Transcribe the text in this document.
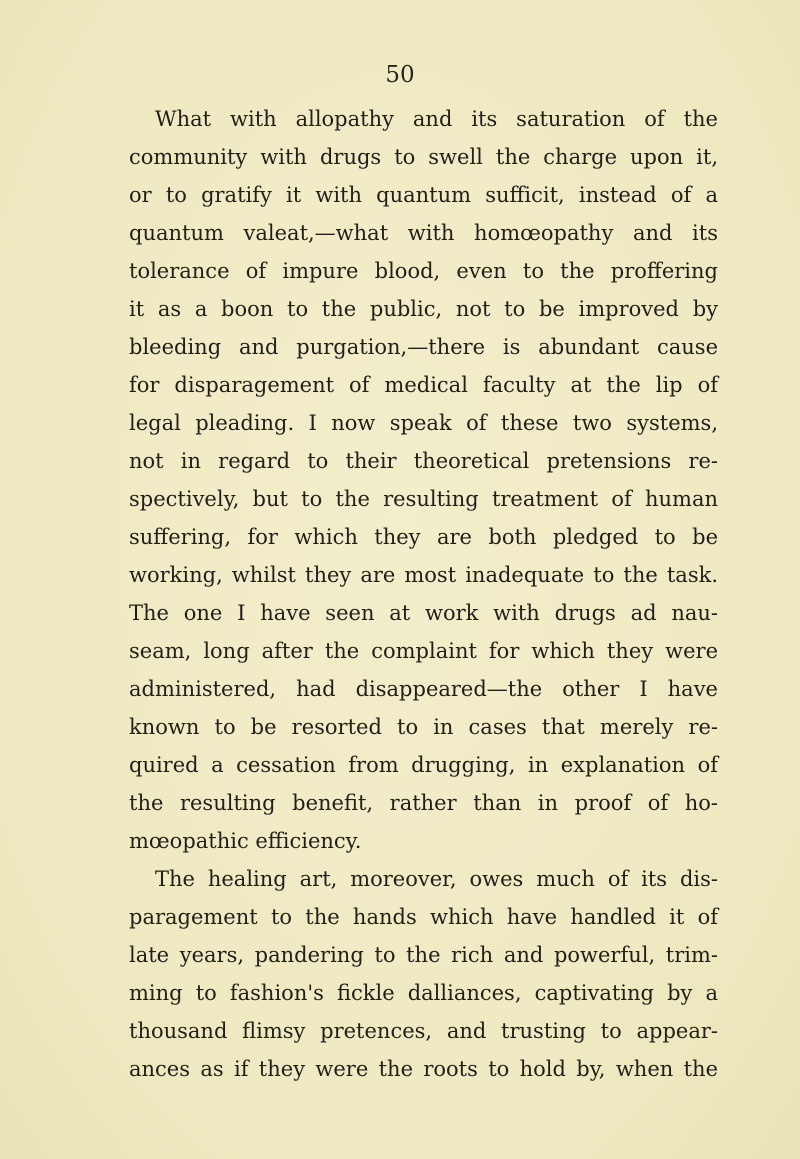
50
What with allopathy and its saturation of the
community with drugs to swell the charge upon it,
or to gratify it with quantum sufficit, instead of a
quantum valeat,—what with homœopathy and its
tolerance of impure blood, even to the proffering
it as a boon to the public, not to be improved by
bleeding and purgation,—there is abundant cause
for disparagement of medical faculty at the lip of
legal pleading. I now speak of these two systems,
not in regard to their theoretical pretensions re-
spectively, but to the resulting treatment of human
suffering, for which they are both pledged to be
working, whilst they are most inadequate to the task.
The one I have seen at work with drugs ad nau-
seam, long after the complaint for which they were
administered, had disappeared—the other I have
known to be resorted to in cases that merely re-
quired a cessation from drugging, in explanation of
the resulting benefit, rather than in proof of ho-
mœopathic efficiency.
The healing art, moreover, owes much of its dis-
paragement to the hands which have handled it of
late years, pandering to the rich and powerful, trim-
ming to fashion's fickle dalliances, captivating by a
thousand flimsy pretences, and trusting to appear-
ances as if they were the roots to hold by, when the
